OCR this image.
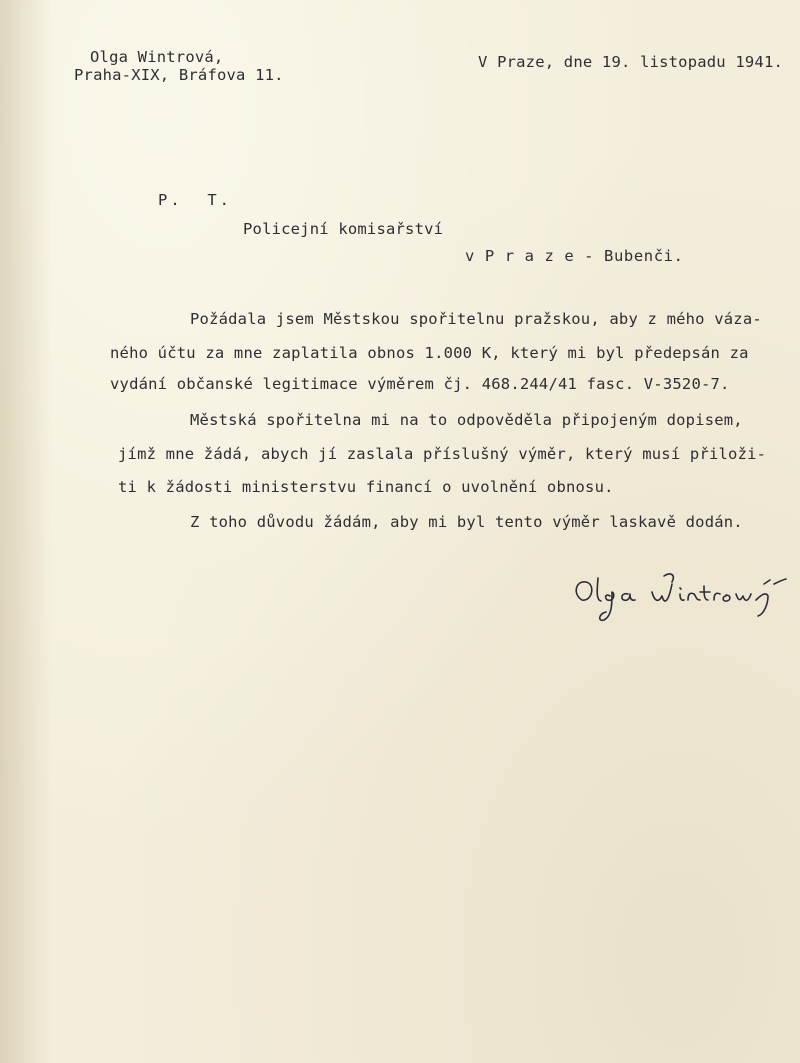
Olga Wintrová,
Praha-XIX, Bráfova 11.
V Praze, dne 19. listopadu 1941.
P.  T.
Policejní komisařství
v P r a z e - Bubenči.
Požádala jsem Městskou spořitelnu pražskou, aby z mého váza-
ného účtu za mne zaplatila obnos 1.000 K, který mi byl předepsán za
vydání občanské legitimace výměrem čj. 468.244/41 fasc. V-3520-7.
Městská spořitelna mi na to odpověděla připojeným dopisem,
jímž mne žádá, abych jí zaslala příslušný výměr, který musí přiloži-
ti k žádosti ministerstvu financí o uvolnění obnosu.
Z toho důvodu žádám, aby mi byl tento výměr laskavě dodán.
